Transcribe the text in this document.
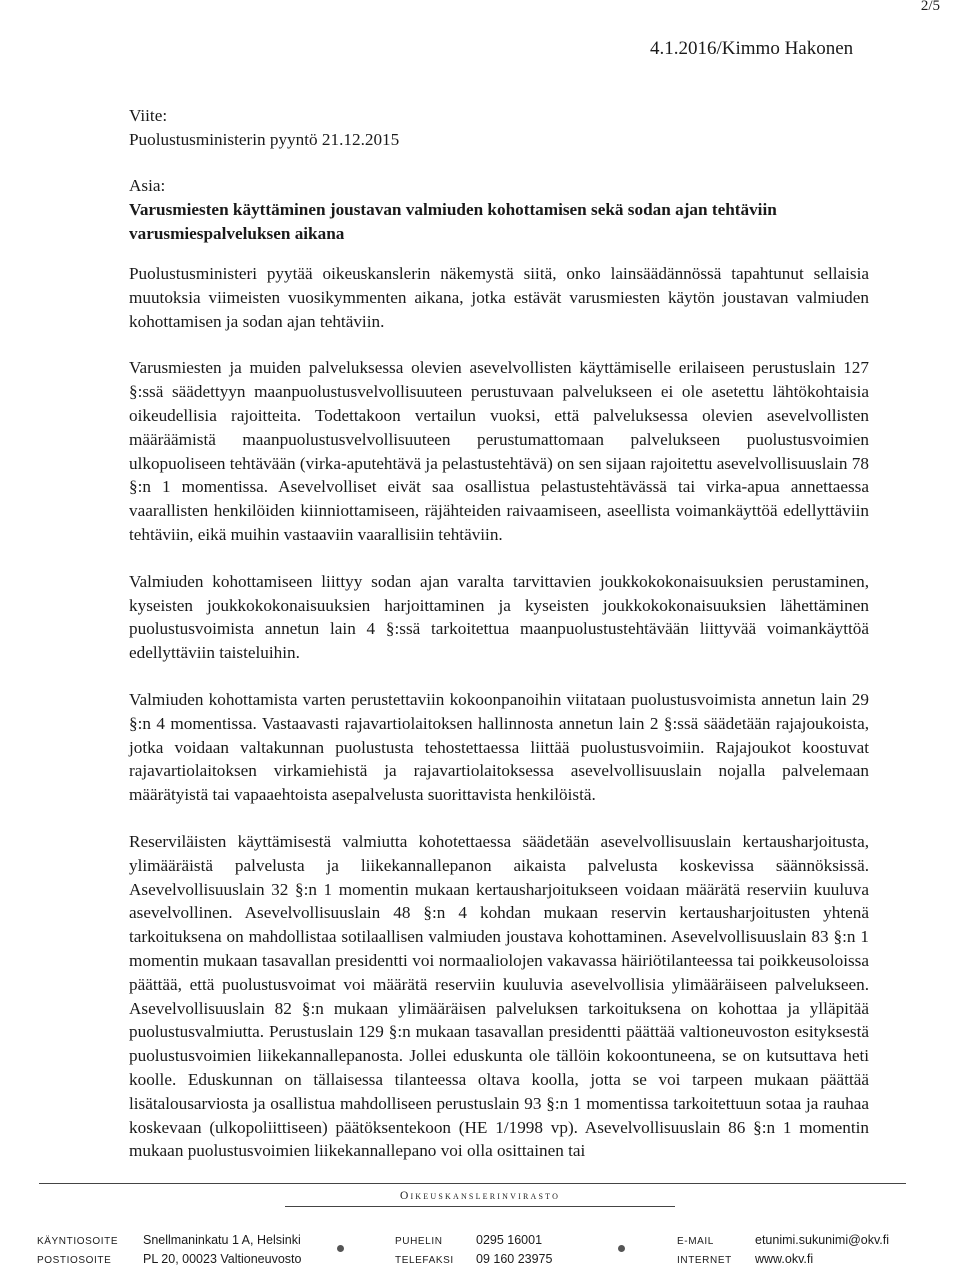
2/5
4.1.2016/Kimmo Hakonen
Viite:
Puolustusministerin pyyntö 21.12.2015
Asia:
Varusmiesten käyttäminen joustavan valmiuden kohottamisen sekä sodan ajan tehtäviin varusmiespalveluksen aikana

Puolustusministeri pyytää oikeuskanslerin näkemystä siitä, onko lainsäädännössä tapahtunut sellaisia muutoksia viimeisten vuosikymmenten aikana, jotka estävät varusmiesten käytön joustavan valmiuden kohottamisen ja sodan ajan tehtäviin.

Varusmiesten ja muiden palveluksessa olevien asevelvollisten käyttämiselle erilaiseen perustuslain 127 §:ssä säädettyyn maanpuolustusvelvollisuuteen perustuvaan palvelukseen ei ole asetettu lähtökohtaisia oikeudellisia rajoitteita. Todettakoon vertailun vuoksi, että palveluksessa olevien asevelvollisten määräämistä maanpuolustusvelvollisuuteen perustumattomaan palvelukseen puolustusvoimien ulkopuoliseen tehtävään (virka-aputehtävä ja pelastustehtävä) on sen sijaan rajoitettu asevelvollisuuslain 78 §:n 1 momentissa. Asevelvolliset eivät saa osallistua pelastustehtävässä tai virka-apua annettaessa vaarallisten henkilöiden kiinniottamiseen, räjähteiden raivaamiseen, aseellista voimankäyttöä edellyttäviin tehtäviin, eikä muihin vastaaviin vaarallisiin tehtäviin.

Valmiuden kohottamiseen liittyy sodan ajan varalta tarvittavien joukkokokonaisuuksien perustaminen, kyseisten joukkokokonaisuuksien harjoittaminen ja kyseisten joukkokokonaisuuksien lähettäminen puolustusvoimista annetun lain 4 §:ssä tarkoitettua maanpuolustustehtävään liittyvää voimankäyttöä edellyttäviin taisteluihin.

Valmiuden kohottamista varten perustettaviin kokoonpanoihin viitataan puolustusvoimista annetun lain 29 §:n 4 momentissa. Vastaavasti rajavartiolaitoksen hallinnosta annetun lain 2 §:ssä säädetään rajajoukoista, jotka voidaan valtakunnan puolustusta tehostettaessa liittää puolustusvoimiin. Rajajoukot koostuvat rajavartiolaitoksen virkamiehistä ja rajavartiolaitoksessa asevelvollisuuslain nojalla palvelemaan määrätyistä tai vapaaehtoista asepalvelusta suorittavista henkilöistä.

Reserviläisten käyttämisestä valmiutta kohotettaessa säädetään asevelvollisuuslain kertausharjoitusta, ylimääräistä palvelusta ja liikekannallepanon aikaista palvelusta koskevissa säännöksissä. Asevelvollisuuslain 32 §:n 1 momentin mukaan kertausharjoitukseen voidaan määrätä reserviin kuuluva asevelvollinen. Asevelvollisuuslain 48 §:n 4 kohdan mukaan reservin kertausharjoitusten yhtenä tarkoituksena on mahdollistaa sotilaallisen valmiuden joustava kohottaminen. Asevelvollisuuslain 83 §:n 1 momentin mukaan tasavallan presidentti voi normaaliolojen vakavassa häiriötilanteessa tai poikkeusoloissa päättää, että puolustusvoimat voi määrätä reserviin kuuluvia asevelvollisia ylimääräiseen palvelukseen. Asevelvollisuuslain 82 §:n mukaan ylimääräisen palveluksen tarkoituksena on kohottaa ja ylläpitää puolustusvalmiutta. Perustuslain 129 §:n mukaan tasavallan presidentti päättää valtioneuvoston esityksestä puolustusvoimien liikekannallepanosta. Jollei eduskunta ole tällöin kokoontuneena, se on kutsuttava heti koolle. Eduskunnan on tällaisessa tilanteessa oltava koolla, jotta se voi tarpeen mukaan päättää lisätalousarviosta ja osallistua mahdolliseen perustuslain 93 §:n 1 momentissa tarkoitettuun sotaa ja rauhaa koskevaan (ulkopoliittiseen) päätöksentekoon (HE 1/1998 vp). Asevelvollisuuslain 86 §:n 1 momentin mukaan puolustusvoimien liikekannallepano voi olla osittainen tai

Oikeuskanslerinvirasto
KÄYNTIOSOITE Snellmaninkatu 1 A, Helsinki
POSTIOSOITE	PL 20, 00023 Valtioneuvosto
PUHELIN	0295 16001
TELEFAKSI 09 160 23975
E-MAIL	etunimi.sukunimi@okv.fi
INTERNET www.okv.fi
